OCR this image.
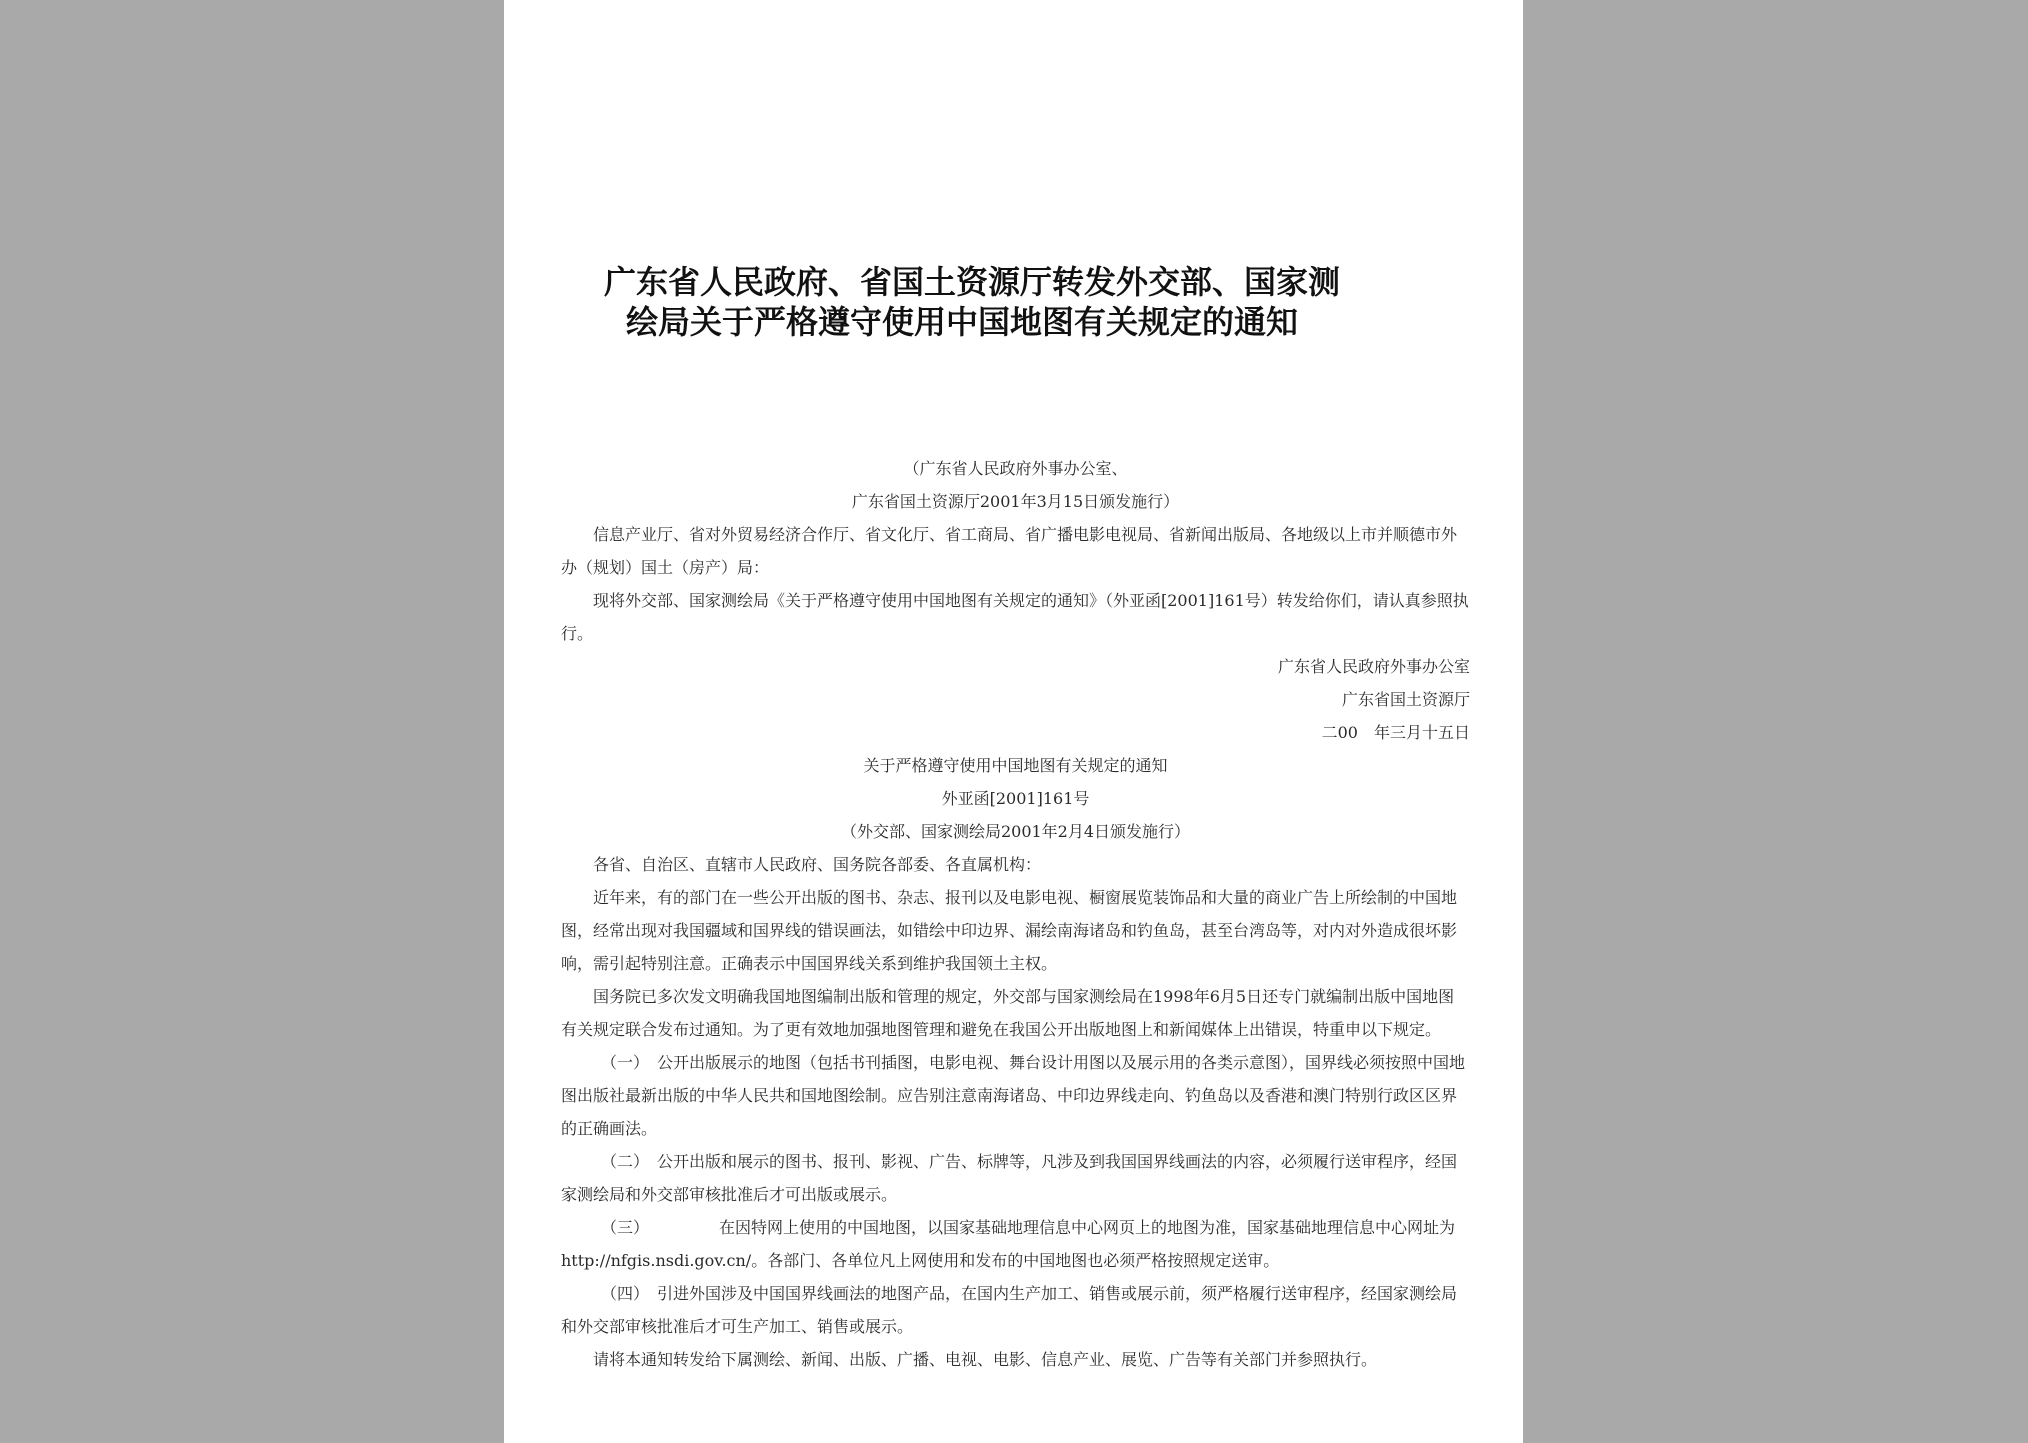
广东省人民政府、省国土资源厅转发外交部、国家测
绘局关于严格遵守使用中国地图有关规定的通知

（广东省人民政府外事办公室、

广东省国土资源厅2001年3月15日颁发施行）

信息产业厅、省对外贸易经济合作厅、省文化厅、省工商局、省广播电影电视局、省新闻出版局、各地级以上市并顺德市外办（规划）国土（房产）局：

现将外交部、国家测绘局《关于严格遵守使用中国地图有关规定的通知》（外亚函[2001]161号）转发给你们，请认真参照执行。

广东省人民政府外事办公室

广东省国土资源厅

二00　年三月十五日

关于严格遵守使用中国地图有关规定的通知

外亚函[2001]161号

（外交部、国家测绘局2001年2月4日颁发施行）

各省、自治区、直辖市人民政府、国务院各部委、各直属机构：

近年来，有的部门在一些公开出版的图书、杂志、报刊以及电影电视、橱窗展览装饰品和大量的商业广告上所绘制的中国地图，经常出现对我国疆域和国界线的错误画法，如错绘中印边界、漏绘南海诸岛和钓鱼岛，甚至台湾岛等，对内对外造成很坏影响，需引起特别注意。正确表示中国国界线关系到维护我国领土主权。

国务院已多次发文明确我国地图编制出版和管理的规定，外交部与国家测绘局在1998年6月5日还专门就编制出版中国地图有关规定联合发布过通知。为了更有效地加强地图管理和避免在我国公开出版地图上和新闻媒体上出错误，特重申以下规定。

（一）　 公开出版展示的地图（包括书刊插图，电影电视、舞台设计用图以及展示用的各类示意图），国界线必须按照中国地图出版社最新出版的中华人民共和国地图绘制。应告别注意南海诸岛、中印边界线走向、钓鱼岛以及香港和澳门特别行政区区界的正确画法。

（二）　 公开出版和展示的图书、报刊、影视、广告、标牌等，凡涉及到我国国界线画法的内容，必须履行送审程序，经国家测绘局和外交部审核批准后才可出版或展示。

（三）	在因特网上使用的中国地图，以国家基础地理信息中心网页上的地图为准，国家基础地理信息中心网址为http://nfgis.nsdi.gov.cn/。各部门、各单位凡上网使用和发布的中国地图也必须严格按照规定送审。

（四）　 引进外国涉及中国国界线画法的地图产品，在国内生产加工、销售或展示前，须严格履行送审程序，经国家测绘局和外交部审核批准后才可生产加工、销售或展示。

请将本通知转发给下属测绘、新闻、出版、广播、电视、电影、信息产业、展览、广告等有关部门并参照执行。
